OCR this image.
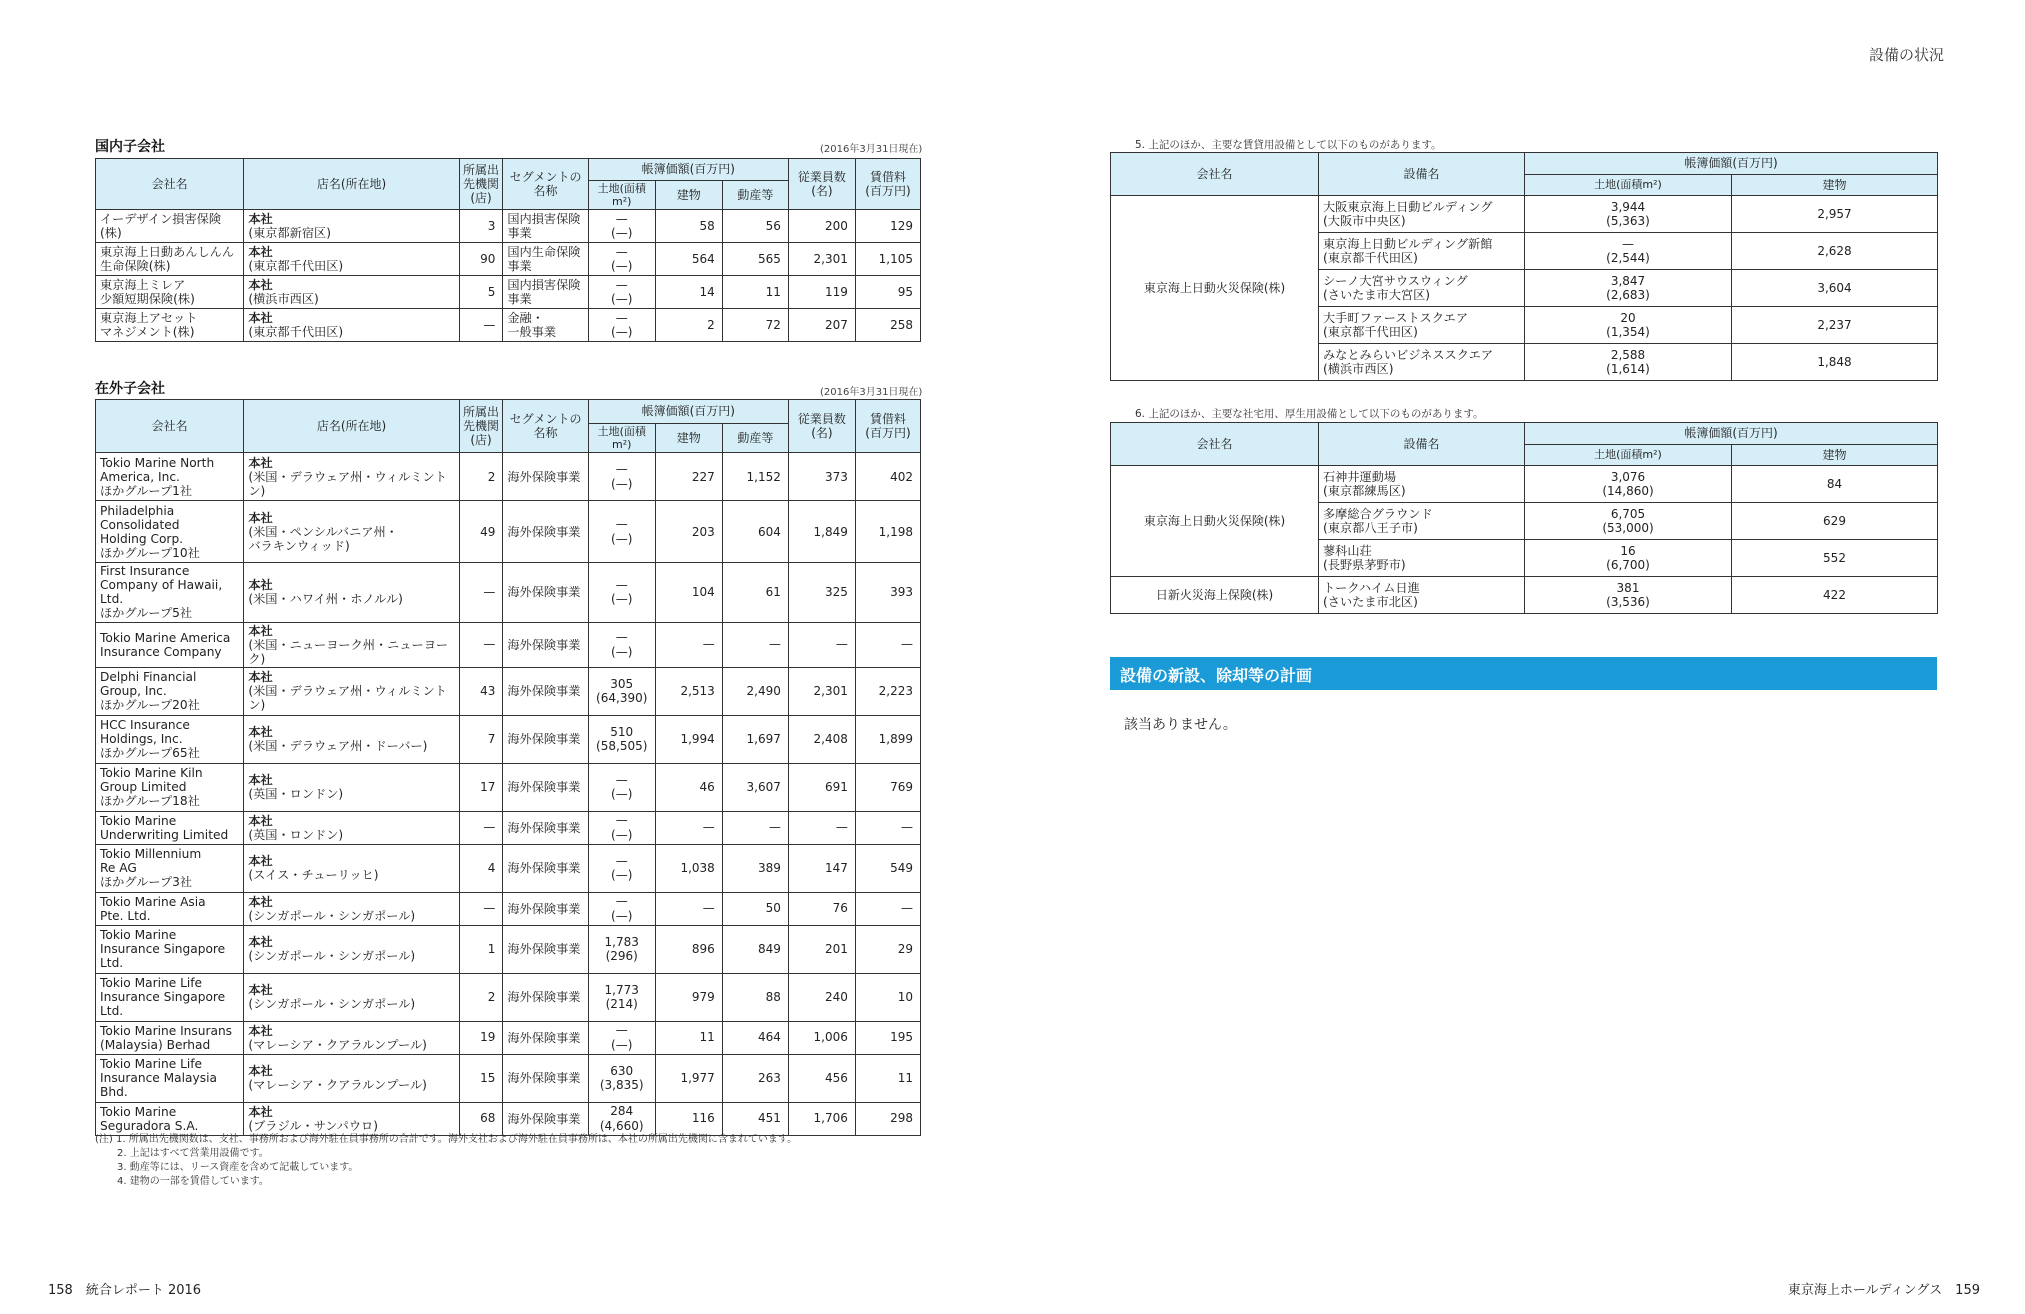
設備の状況
国内子会社	(2016年3月31日現在)
会社名	店名(所在地)	所属出
先機関
(店)	セグメントの名称	帳簿価額(百万円)			従業員数
(名)	賃借料
(百万円)

				土地(面積m²)	建物	動産等		

イーデザイン損害保険(株)	本社
(東京都新宿区)	3	国内損害保険
事業	—
(—)	58	56	200	129

東京海上日動あんしんん
生命保険(株)	本社
(東京都千代田区)	90	国内生命保険
事業	—
(—)	564	565	2,301	1,105

東京海上ミレア
少額短期保険(株)	本社
(横浜市西区)	5	国内損害保険
事業	—
(—)	14	11	119	95

東京海上アセット
マネジメント(株)	本社
(東京都千代田区)	—	金融・
一般事業	—
(—)	2	72	207	258
在外子会社	(2016年3月31日現在)
会社名	店名(所在地)	所属出
先機関
(店)	セグメントの名称	帳簿価額(百万円)			従業員数
(名)	賃借料
(百万円)

				土地(面積m²)	建物	動産等		

Tokio Marine North
America, Inc.
ほかグループ1社	本社
(米国・デラウェア州・ウィルミントン)	2	海外保険事業	—
(—)	227	1,152	373	402

Philadelphia
Consolidated
Holding Corp.
ほかグループ10社	本社
(米国・ペンシルバニア州・
バラキンウィッド)	49	海外保険事業	—
(—)	203	604	1,849	1,198

First Insurance
Company of Hawaii,
Ltd.
ほかグループ5社	本社
(米国・ハワイ州・ホノルル)	—	海外保険事業	—
(—)	104	61	325	393

Tokio Marine America
Insurance Company	本社
(米国・ニューヨーク州・ニューヨーク)	—	海外保険事業	—
(—)	—	—	—	—

Delphi Financial
Group, Inc.
ほかグループ20社	本社
(米国・デラウェア州・ウィルミントン)	43	海外保険事業	305
(64,390)	2,513	2,490	2,301	2,223

HCC Insurance
Holdings, Inc.
ほかグループ65社	本社
(米国・デラウェア州・ドーバー)	7	海外保険事業	510
(58,505)	1,994	1,697	2,408	1,899

Tokio Marine Kiln
Group Limited
ほかグループ18社	本社
(英国・ロンドン)	17	海外保険事業	—
(—)	46	3,607	691	769

Tokio Marine
Underwriting Limited	本社
(英国・ロンドン)	—	海外保険事業	—
(—)	—	—	—	—

Tokio Millennium
Re AG
ほかグループ3社	本社
(スイス・チューリッヒ)	4	海外保険事業	—
(—)	1,038	389	147	549

Tokio Marine Asia
Pte. Ltd.	本社
(シンガポール・シンガポール)	—	海外保険事業	—
(—)	—	50	76	—

Tokio Marine
Insurance Singapore
Ltd.	本社
(シンガポール・シンガポール)	1	海外保険事業	1,783
(296)	896	849	201	29

Tokio Marine Life
Insurance Singapore
Ltd.	本社
(シンガポール・シンガポール)	2	海外保険事業	1,773
(214)	979	88	240	10

Tokio Marine Insurans
(Malaysia) Berhad	本社
(マレーシア・クアラルンプール)	19	海外保険事業	—
(—)	11	464	1,006	195

Tokio Marine Life
Insurance Malaysia
Bhd.	本社
(マレーシア・クアラルンプール)	15	海外保険事業	630
(3,835)	1,977	263	456	11

Tokio Marine
Seguradora S.A.	本社
(ブラジル・サンパウロ)	68	海外保険事業	284
(4,660)	116	451	1,706	298
(注) 1. 所属出先機関数は、支社、事務所および海外駐在員事務所の合計です。海外支社および海外駐在員事務所は、本社の所属出先機関に含まれています。
2. 上記はすべて営業用設備です。
3. 動産等には、リース資産を含めて記載しています。
4. 建物の一部を賃借しています。
5. 上記のほか、主要な賃貸用設備として以下のものがあります。
会社名	設備名	帳簿価額(百万円)	
		土地(面積m²)	建物
東京海上日動火災保険(株)	大阪東京海上日動ビルディング
(大阪市中央区)	3,944
(5,363)	2,957

	東京海上日動ビルディング新館
(東京都千代田区)	—
(2,544)	2,628

	シーノ大宮サウスウィング
(さいたま市大宮区)	3,847
(2,683)	3,604

	大手町ファーストスクエア
(東京都千代田区)	20
(1,354)	2,237

	みなとみらいビジネススクエア
(横浜市西区)	2,588
(1,614)	1,848
6. 上記のほか、主要な社宅用、厚生用設備として以下のものがあります。
会社名	設備名	帳簿価額(百万円)	
		土地(面積m²)	建物
東京海上日動火災保険(株)	石神井運動場
(東京都練馬区)	3,076
(14,860)	84

	多摩総合グラウンド
(東京都八王子市)	6,705
(53,000)	629

	蓼科山荘
(長野県茅野市)	16
(6,700)	552
日新火災海上保険(株)	トークハイム日進
(さいたま市北区)	381
(3,536)	422
設備の新設、除却等の計画
該当ありません。
158　統合レポート 2016	東京海上ホールディングス　159
